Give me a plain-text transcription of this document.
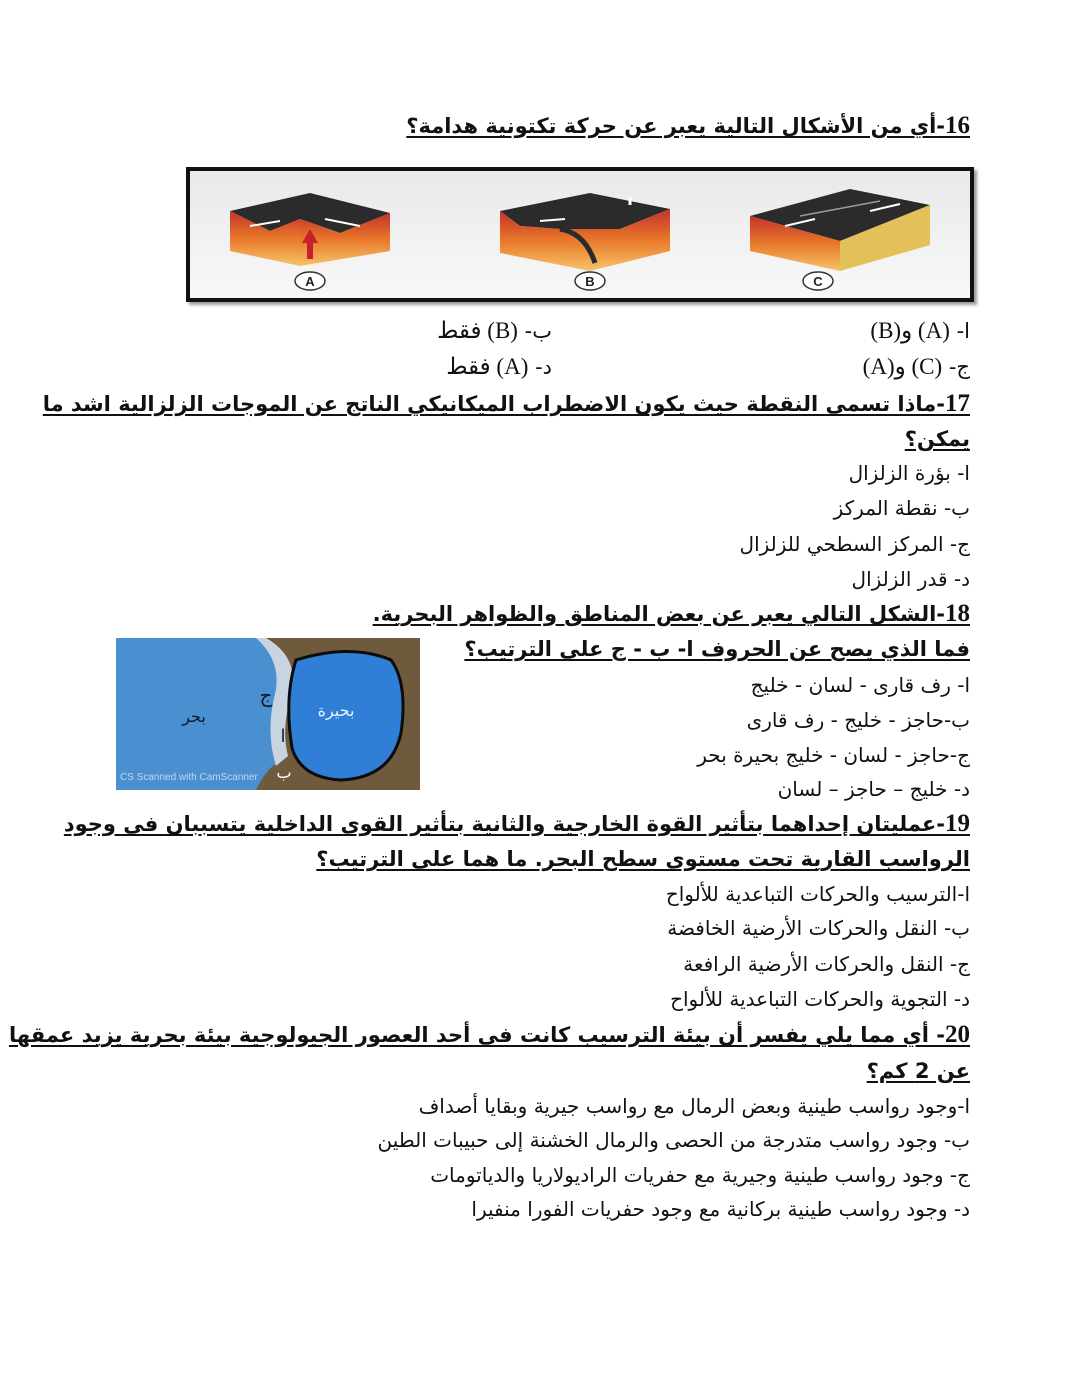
16-أي من الأشكال التالية يعبر عن حركة تكتونية هدامة؟
A	B	C
ا- (A) و(B)
ب- (B) فقط
ج- (C) و(A)
د- (A) فقط
17-ماذا تسمى النقطة حيث يكون الاضطراب الميكانيكي الناتج عن الموجات الزلزالية اشد ما
يمكن؟
ا- بؤرة الزلزال
ب- نقطة المركز
ج- المركز السطحي للزلزال
د- قدر الزلزال
18-الشكل التالي يعبر عن بعض المناطق والظواهر البحرية.
فما الذي يصح عن الحروف ا- ب - ج على الترتيب؟
ا- رف قارى - لسان - خليج
ب-حاجز - خليج - رف قارى
ج-حاجز - لسان - خليج بحيرة بحر
د- خليج – حاجز – لسان
بحيرة
بحر
ج
ا
ب
CS Scanned with CamScanner
19-عمليتان إحداهما بتأثير القوة الخارجية والثانية بتأثير القوى الداخلية يتسببان فى وجود
الرواسب القارية تحت مستوى سطح البحر. ما هما على الترتيب؟
ا-الترسيب والحركات التباعدية للألواح
ب- النقل والحركات الأرضية الخافضة
ج- النقل والحركات الأرضية الرافعة
د- التجوية والحركات التباعدية للألواح
20- أي مما يلي يفسر أن بيئة الترسيب كانت فى أحد العصور الجيولوجية بيئة بحرية يزيد عمقها
عن 2 كم؟
ا-وجود رواسب طينية وبعض الرمال مع رواسب جيرية وبقايا أصداف
ب- وجود رواسب متدرجة من الحصى والرمال الخشنة إلى حبيبات الطين
ج- وجود رواسب طينية وجيرية مع حفريات الراديولاريا والدياتومات
د- وجود رواسب طينية بركانية مع وجود حفريات الفورا منفيرا
